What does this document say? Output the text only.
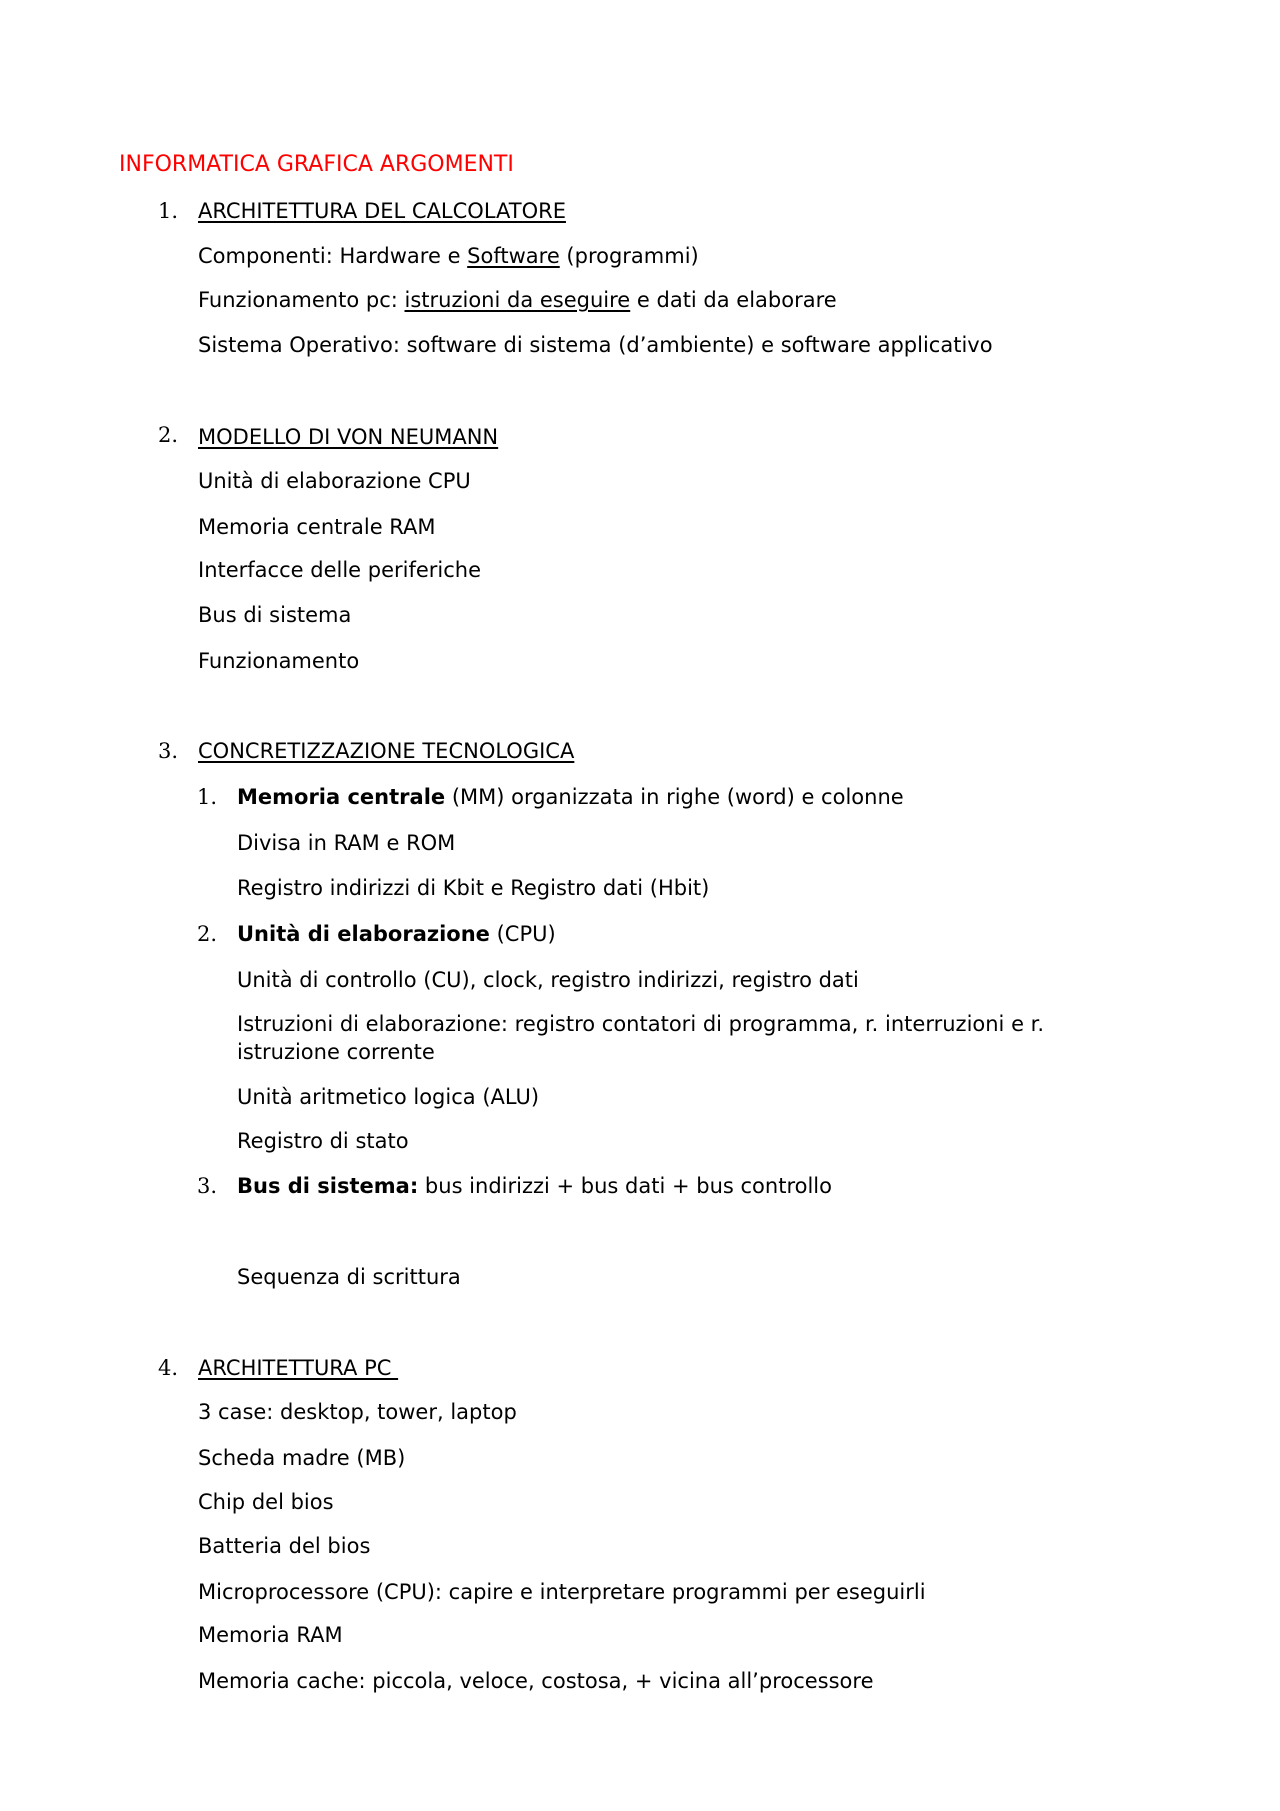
INFORMATICA GRAFICA ARGOMENTI
1. ARCHITETTURA DEL CALCOLATORE
Componenti: Hardware e Software (programmi)
Funzionamento pc: istruzioni da eseguire e dati da elaborare
Sistema Operativo: software di sistema (d’ambiente) e software applicativo
2. MODELLO DI VON NEUMANN
Unità di elaborazione CPU
Memoria centrale RAM
Interfacce delle periferiche
Bus di sistema
Funzionamento
3. CONCRETIZZAZIONE TECNOLOGICA
1. Memoria centrale (MM) organizzata in righe (word) e colonne
Divisa in RAM e ROM
Registro indirizzi di Kbit e Registro dati (Hbit)
2. Unità di elaborazione (CPU)
Unità di controllo (CU), clock, registro indirizzi, registro dati
Istruzioni di elaborazione: registro contatori di programma, r. interruzioni e r.
istruzione corrente
Unità aritmetico logica (ALU)
Registro di stato
3. Bus di sistema: bus indirizzi + bus dati + bus controllo
Sequenza di scrittura
4. ARCHITETTURA PC
3 case: desktop, tower, laptop
Scheda madre (MB)
Chip del bios
Batteria del bios
Microprocessore (CPU): capire e interpretare programmi per eseguirli
Memoria RAM
Memoria cache: piccola, veloce, costosa, + vicina all’processore
